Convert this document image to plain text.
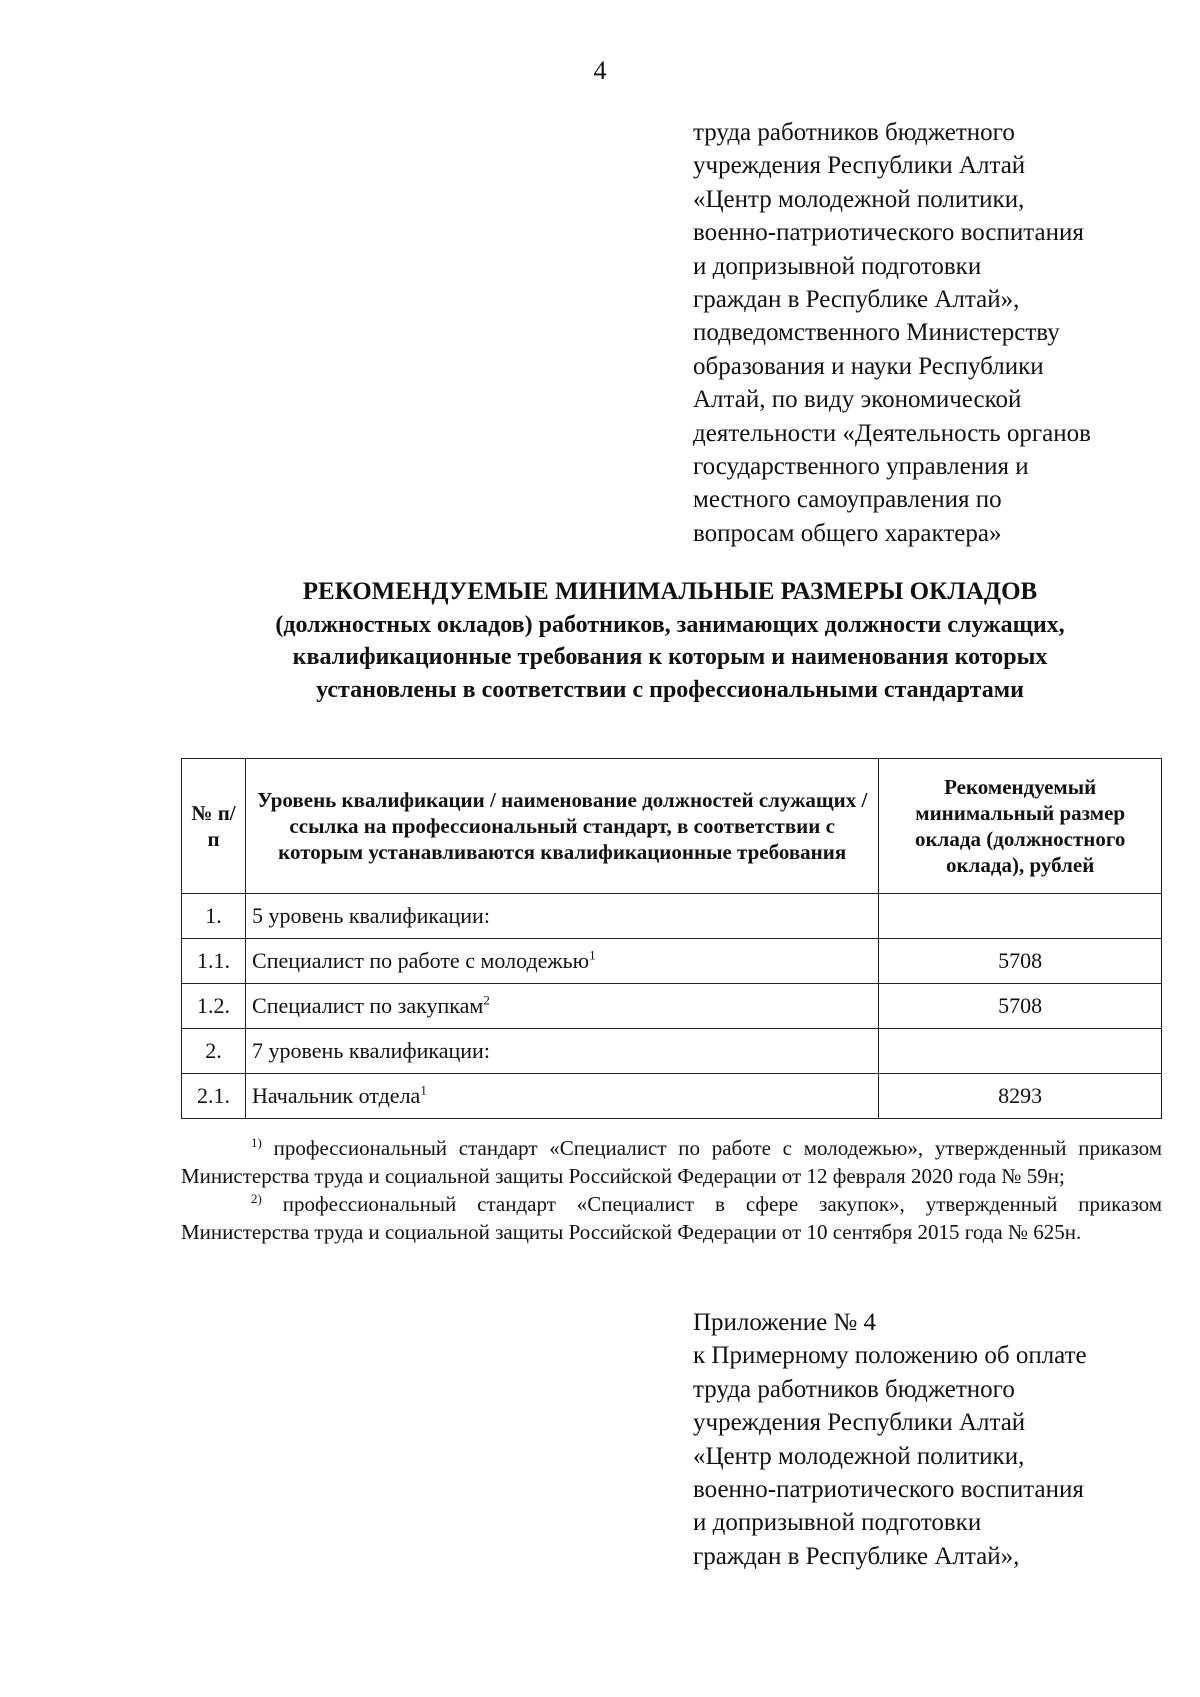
4
труда работников бюджетного
учреждения Республики Алтай
«Центр молодежной политики,
военно-патриотического воспитания
и допризывной подготовки
граждан в Республике Алтай»,
подведомственного Министерству
образования и науки Республики
Алтай, по виду экономической
деятельности «Деятельность органов
государственного управления и
местного самоуправления по
вопросам общего характера»
РЕКОМЕНДУЕМЫЕ МИНИМАЛЬНЫЕ РАЗМЕРЫ ОКЛАДОВ
(должностных окладов) работников, занимающих должности служащих,
квалификационные требования к которым и наименования которых
установлены в соответствии с профессиональными стандартами
№ п/п	Уровень квалификации / наименование должностей служащих /ссылка на профессиональный стандарт, в соответствии с которым устанавливаются квалификационные требования	Рекомендуемый минимальный размер оклада (должностного оклада), рублей
1.	5 уровень квалификации:	
1.1.	Специалист по работе с молодежью$^1$	5708
1.2.	Специалист по закупкам$^2$	5708
2.	7 уровень квалификации:	
2.1.	Начальник отдела$^1$	8293

$^{1)}$ профессиональный стандарт «Специалист по работе с молодежью», утвержденный приказом Министерства труда и социальной защиты Российской Федерации от 12 февраля 2020 года № 59н;

$^{2)}$ профессиональный стандарт «Специалист в сфере закупок», утвержденный приказом Министерства труда и социальной защиты Российской Федерации от 10 сентября 2015 года № 625н.

Приложение № 4
к Примерному положению об оплате
труда работников бюджетного
учреждения Республики Алтай
«Центр молодежной политики,
военно-патриотического воспитания
и допризывной подготовки
граждан в Республике Алтай»,
